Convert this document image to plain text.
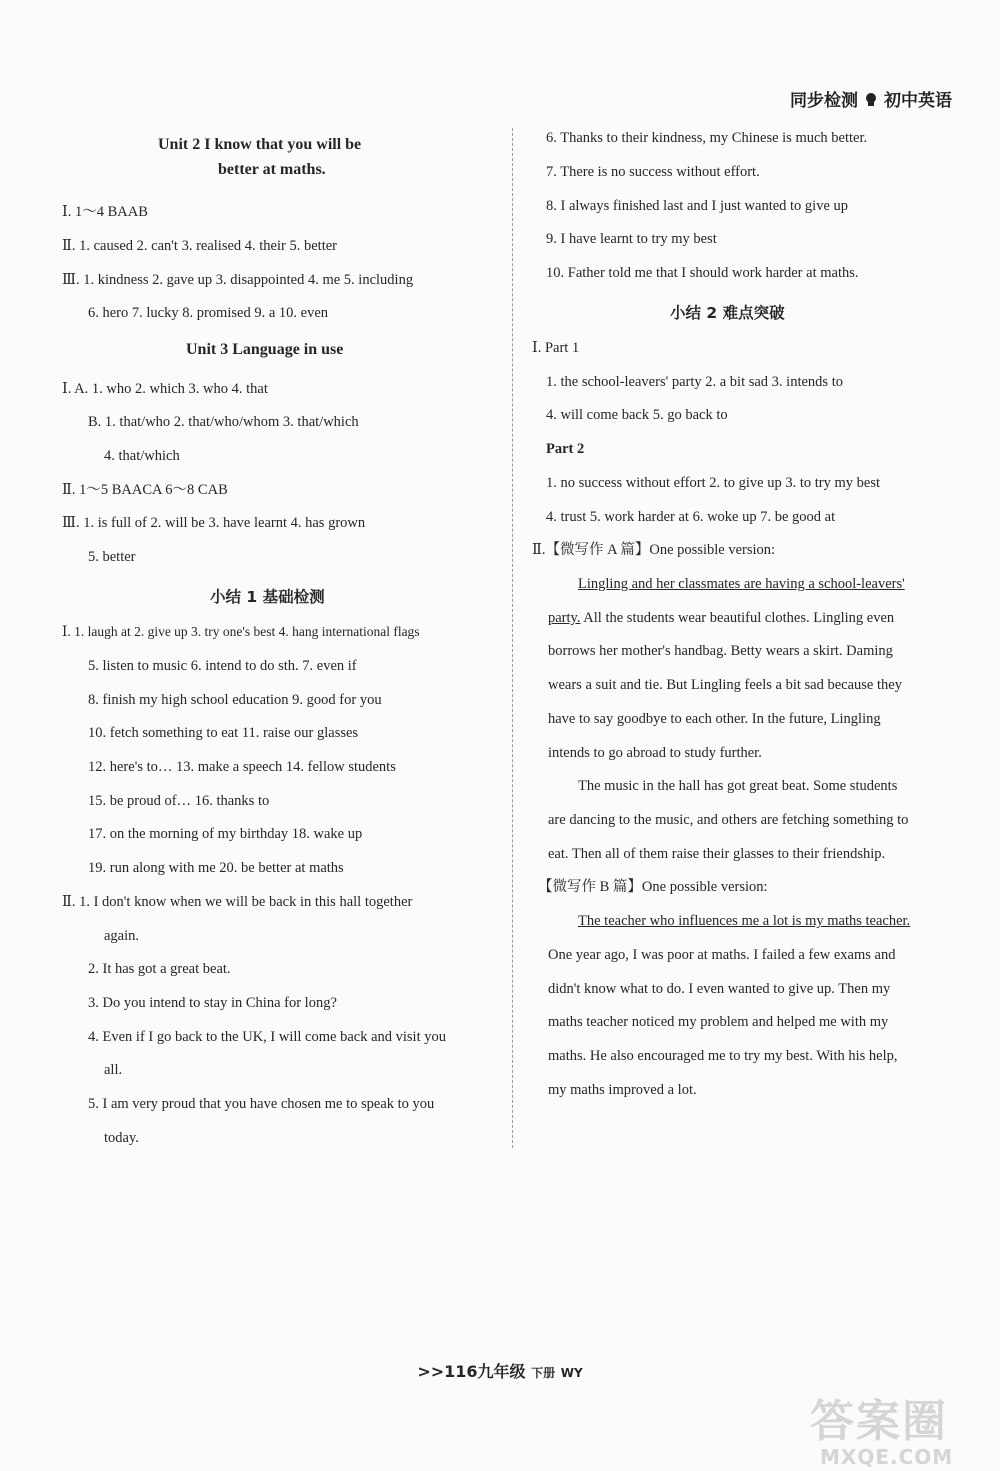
同步检测 初中英语
Unit 2 I know that you will be
better at maths.
Ⅰ. 1～4 BAAB
Ⅱ. 1. caused 2. can't 3. realised 4. their 5. better
Ⅲ. 1. kindness 2. gave up 3. disappointed 4. me 5. including
6. hero 7. lucky 8. promised 9. a 10. even
Unit 3 Language in use
Ⅰ. A. 1. who 2. which 3. who 4. that
B. 1. that/who 2. that/who/whom 3. that/which
4. that/which
Ⅱ. 1～5 BAACA 6～8 CAB
Ⅲ. 1. is full of 2. will be 3. have learnt 4. has grown
5. better
小结 1 基础检测
Ⅰ. 1. laugh at 2. give up 3. try one's best 4. hang international flags
5. listen to music 6. intend to do sth. 7. even if
8. finish my high school education 9. good for you
10. fetch something to eat 11. raise our glasses
12. here's to… 13. make a speech 14. fellow students
15. be proud of… 16. thanks to
17. on the morning of my birthday 18. wake up
19. run along with me 20. be better at maths
Ⅱ. 1. I don't know when we will be back in this hall together
again.
2. It has got a great beat.
3. Do you intend to stay in China for long?
4. Even if I go back to the UK, I will come back and visit you
all.
5. I am very proud that you have chosen me to speak to you
today.
6. Thanks to their kindness, my Chinese is much better.
7. There is no success without effort.
8. I always finished last and I just wanted to give up
9. I have learnt to try my best
10. Father told me that I should work harder at maths.
小结 2 难点突破
Ⅰ. Part 1
1. the school-leavers' party 2. a bit sad 3. intends to
4. will come back 5. go back to
Part 2
1. no success without effort 2. to give up 3. to try my best
4. trust 5. work harder at 6. woke up 7. be good at
Ⅱ.【微写作 A 篇】One possible version:
Lingling and her classmates are having a school-leavers'
party. All the students wear beautiful clothes. Lingling even
borrows her mother's handbag. Betty wears a skirt. Daming
wears a suit and tie. But Lingling feels a bit sad because they
have to say goodbye to each other. In the future, Lingling
intends to go abroad to study further.
The music in the hall has got great beat. Some students
are dancing to the music, and others are fetching something to
eat. Then all of them raise their glasses to their friendship.
【微写作 B 篇】One possible version:
The teacher who influences me a lot is my maths teacher.
One year ago, I was poor at maths. I failed a few exams and
didn't know what to do. I even wanted to give up. Then my
maths teacher noticed my problem and helped me with my
maths. He also encouraged me to try my best. With his help,
my maths improved a lot.
>>116九年级 下册 WY
答案圈
MXQE.COM
